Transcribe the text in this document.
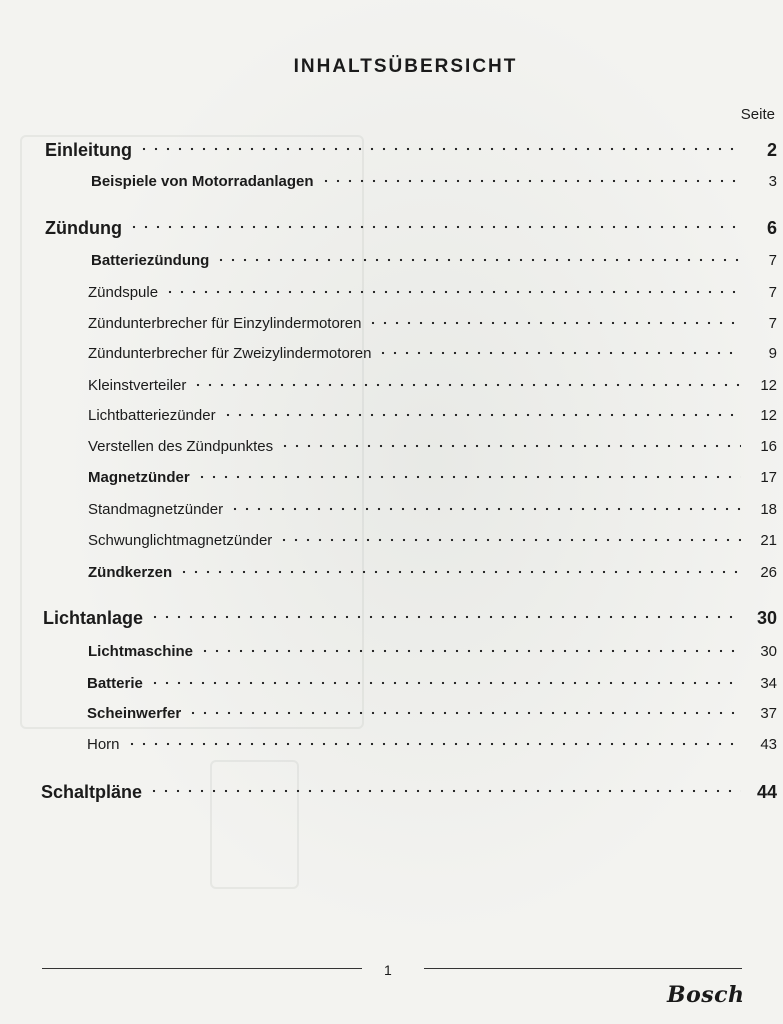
INHALTSÜBERSICHT
Seite
Einleitung	2
Beispiele von Motorradanlagen	3
Zündung	6
Batteriezündung	7
Zündspule	7
Zündunterbrecher für Einzylindermotoren	7
Zündunterbrecher für Zweizylindermotoren	9
Kleinstverteiler	12
Lichtbatteriezünder	12
Verstellen des Zündpunktes	16
Magnetzünder	17
Standmagnetzünder	18
Schwunglichtmagnetzünder	21
Zündkerzen	26
Lichtanlage	30
Lichtmaschine	30
Batterie	34
Scheinwerfer	37
Horn	43
Schaltpläne	44
1
Bosch
